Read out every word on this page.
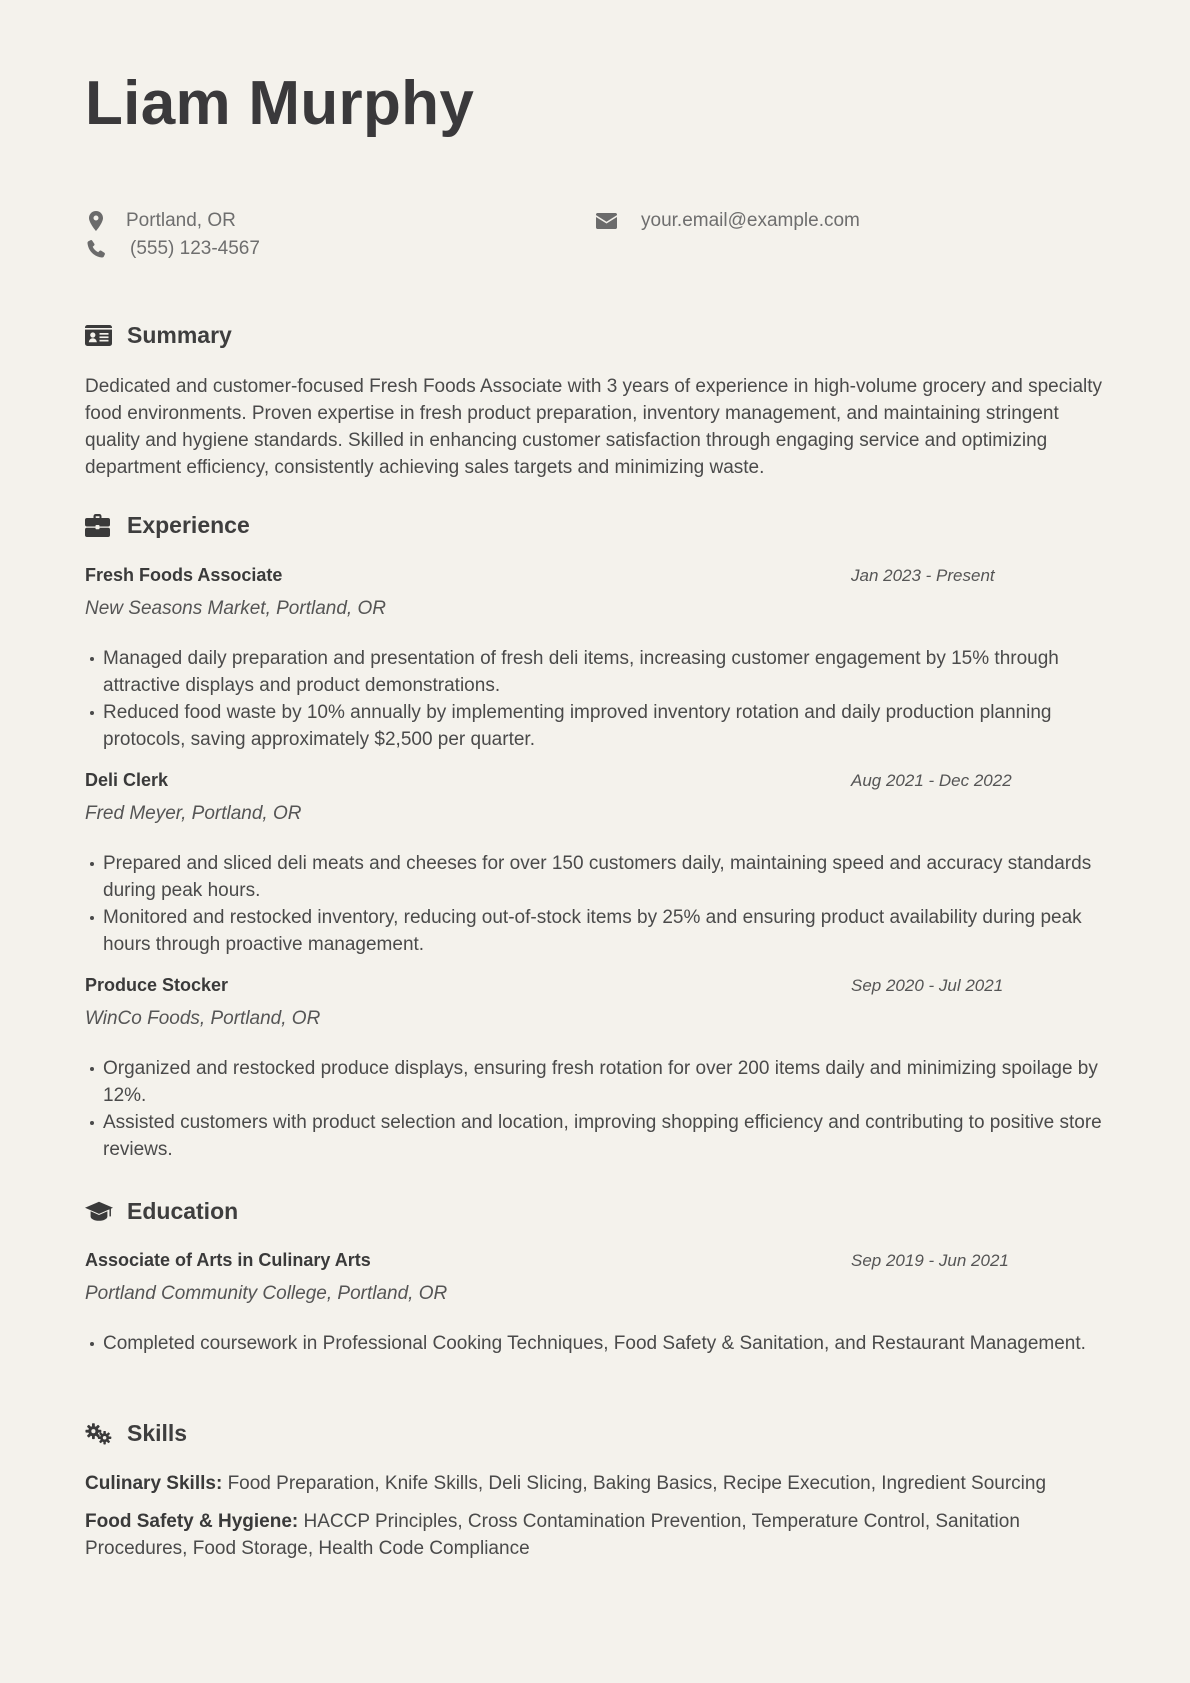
Liam Murphy
Portland, OR
(555) 123-4567
your.email@example.com
Summary

Dedicated and customer-focused Fresh Foods Associate with 3 years of experience in high-volume grocery and specialty food environments. Proven expertise in fresh product preparation, inventory management, and maintaining stringent quality and hygiene standards. Skilled in enhancing customer satisfaction through engaging service and optimizing department efficiency, consistently achieving sales targets and minimizing waste.

Experience
Fresh Foods Associate	Jan 2023 - Present
New Seasons Market, Portland, OR
Managed daily preparation and presentation of fresh deli items, increasing customer engagement by 15% through attractive displays and product demonstrations.
Reduced food waste by 10% annually by implementing improved inventory rotation and daily production planning protocols, saving approximately $2,500 per quarter.
Deli Clerk	Aug 2021 - Dec 2022
Fred Meyer, Portland, OR
Prepared and sliced deli meats and cheeses for over 150 customers daily, maintaining speed and accuracy standards during peak hours.
Monitored and restocked inventory, reducing out-of-stock items by 25% and ensuring product availability during peak hours through proactive management.
Produce Stocker	Sep 2020 - Jul 2021
WinCo Foods, Portland, OR
Organized and restocked produce displays, ensuring fresh rotation for over 200 items daily and minimizing spoilage by 12%.
Assisted customers with product selection and location, improving shopping efficiency and contributing to positive store reviews.
Education
Associate of Arts in Culinary Arts	Sep 2019 - Jun 2021
Portland Community College, Portland, OR
Completed coursework in Professional Cooking Techniques, Food Safety & Sanitation, and Restaurant Management.
Skills

Culinary Skills: Food Preparation, Knife Skills, Deli Slicing, Baking Basics, Recipe Execution, Ingredient Sourcing

Food Safety & Hygiene: HACCP Principles, Cross Contamination Prevention, Temperature Control, Sanitation Procedures, Food Storage, Health Code Compliance
